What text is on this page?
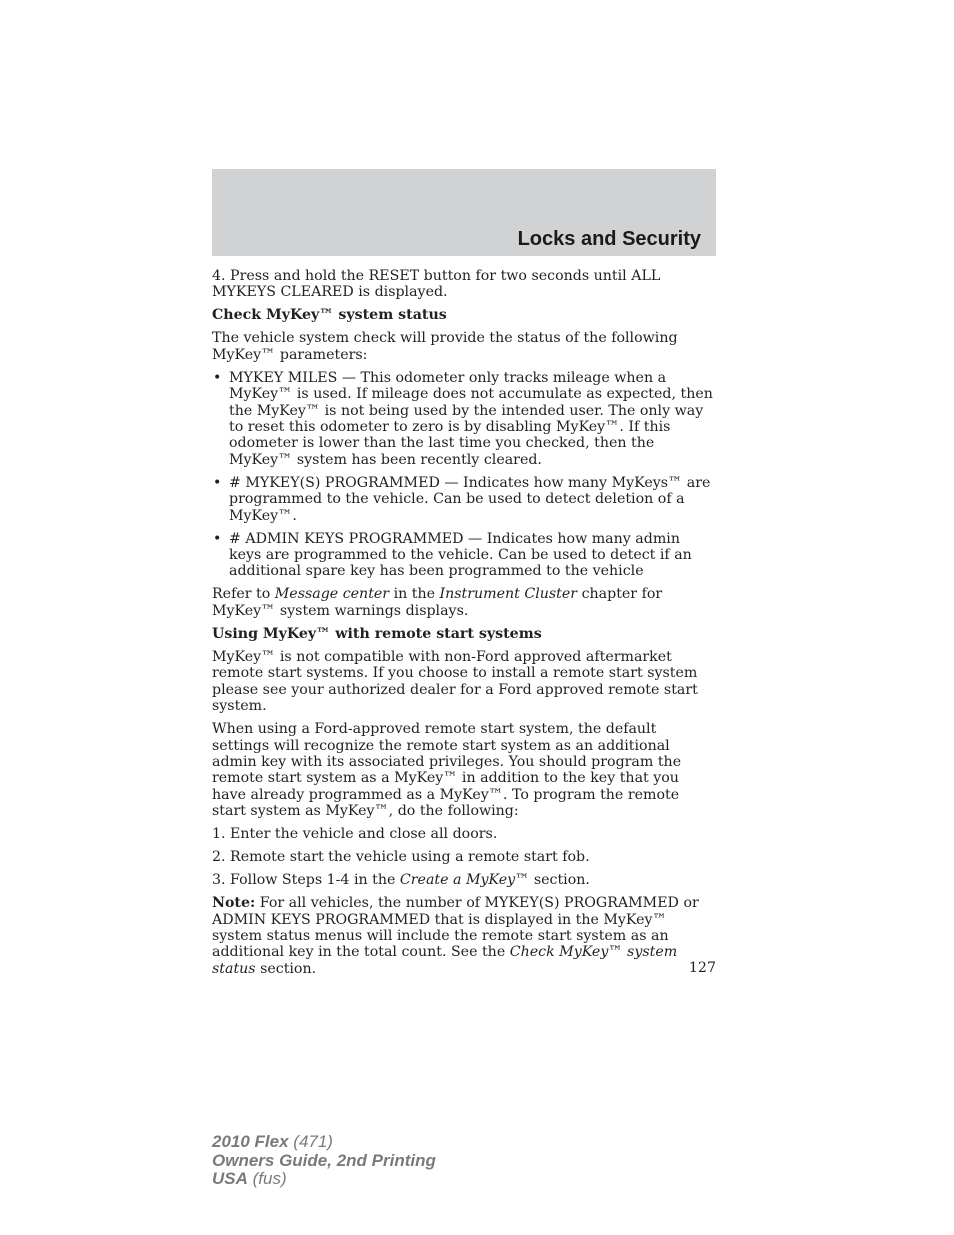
Locks and Security

4. Press and hold the RESET button for two seconds until ALL MYKEYS CLEARED is displayed.

Check MyKey™ system status

The vehicle system check will provide the status of the following MyKey™ parameters:

• MYKEY MILES — This odometer only tracks mileage when a MyKey™ is used. If mileage does not accumulate as expected, then the MyKey™ is not being used by the intended user. The only way to reset this odometer to zero is by disabling MyKey™. If this odometer is lower than the last time you checked, then the MyKey™ system has been recently cleared.
• # MYKEY(S) PROGRAMMED — Indicates how many MyKeys™ are programmed to the vehicle. Can be used to detect deletion of a MyKey™.
• # ADMIN KEYS PROGRAMMED — Indicates how many admin keys are programmed to the vehicle. Can be used to detect if an additional spare key has been programmed to the vehicle

Refer to Message center in the Instrument Cluster chapter for MyKey™ system warnings displays.

Using MyKey™ with remote start systems

MyKey™ is not compatible with non-Ford approved aftermarket remote start systems. If you choose to install a remote start system please see your authorized dealer for a Ford approved remote start system.

When using a Ford-approved remote start system, the default settings will recognize the remote start system as an additional admin key with its associated privileges. You should program the remote start system as a MyKey™ in addition to the key that you have already programmed as a MyKey™. To program the remote start system as MyKey™, do the following:

1. Enter the vehicle and close all doors.

2. Remote start the vehicle using a remote start fob.

3. Follow Steps 1-4 in the Create a MyKey™ section.

Note: For all vehicles, the number of MYKEY(S) PROGRAMMED or ADMIN KEYS PROGRAMMED that is displayed in the MyKey™ system status menus will include the remote start system as an additional key in the total count. See the Check MyKey™ system status section.	127
2010 Flex (471)
Owners Guide, 2nd Printing
USA (fus)
